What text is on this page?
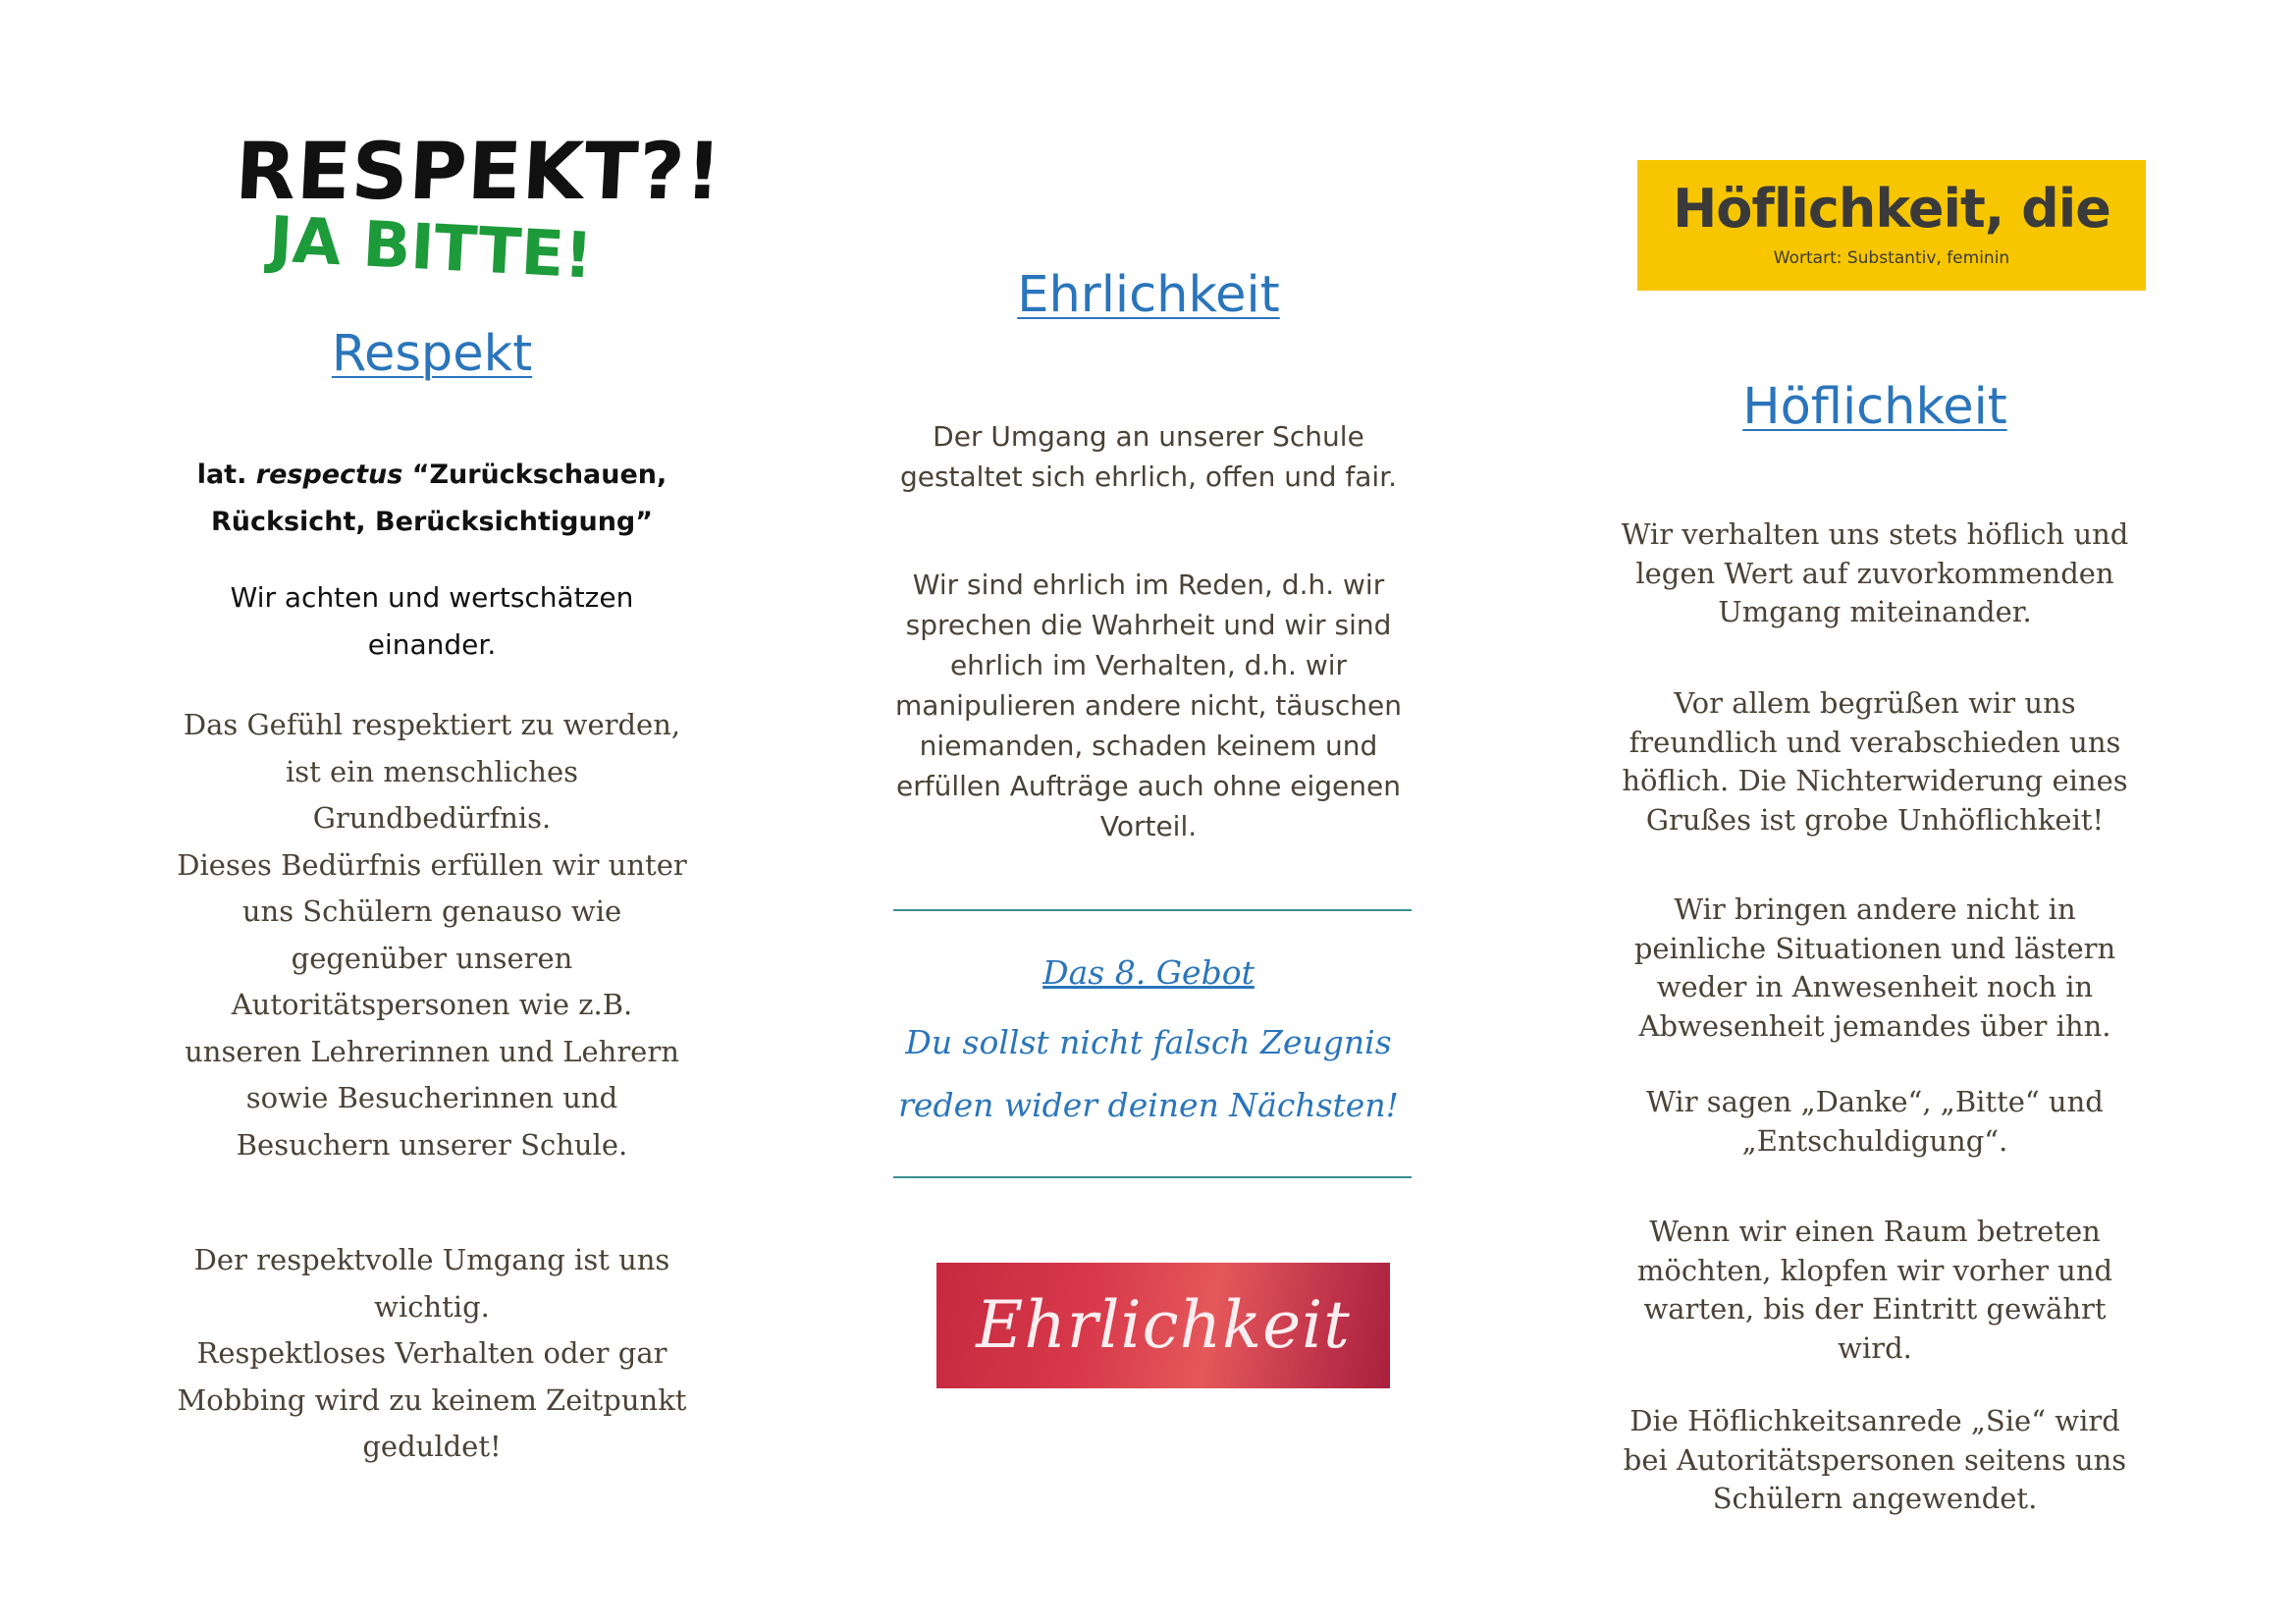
RESPEKT?!
JA BITTE!
Respekt
lat. respectus “Zurückschauen, Rücksicht, Berücksichtigung”
Wir achten und wertschätzen einander.
Das Gefühl respektiert zu werden,
ist ein menschliches
Grundbedürfnis.
Dieses Bedürfnis erfüllen wir unter
uns Schülern genauso wie
gegenüber unseren
Autoritätspersonen wie z.B.
unseren Lehrerinnen und Lehrern
sowie Besucherinnen und
Besuchern unserer Schule.
Der respektvolle Umgang ist uns
wichtig.
Respektloses Verhalten oder gar
Mobbing wird zu keinem Zeitpunkt
geduldet!
Ehrlichkeit
Der Umgang an unserer Schule
gestaltet sich ehrlich, offen und fair.
Wir sind ehrlich im Reden, d.h. wir
sprechen die Wahrheit und wir sind
ehrlich im Verhalten, d.h. wir
manipulieren andere nicht, täuschen
niemanden, schaden keinem und
erfüllen Aufträge auch ohne eigenen
Vorteil.
Das 8. Gebot
Du sollst nicht falsch Zeugnis
reden wider deinen Nächsten!
Ehrlichkeit
Höflichkeit, die
Wortart: Substantiv, feminin
Höflichkeit
Wir verhalten uns stets höflich und
legen Wert auf zuvorkommenden
Umgang miteinander.
Vor allem begrüßen wir uns
freundlich und verabschieden uns
höflich. Die Nichterwiderung eines
Grußes ist grobe Unhöflichkeit!
Wir bringen andere nicht in
peinliche Situationen und lästern
weder in Anwesenheit noch in
Abwesenheit jemandes über ihn.
Wir sagen „Danke“, „Bitte“ und
„Entschuldigung“.
Wenn wir einen Raum betreten
möchten, klopfen wir vorher und
warten, bis der Eintritt gewährt
wird.
Die Höflichkeitsanrede „Sie“ wird
bei Autoritätspersonen seitens uns
Schülern angewendet.
